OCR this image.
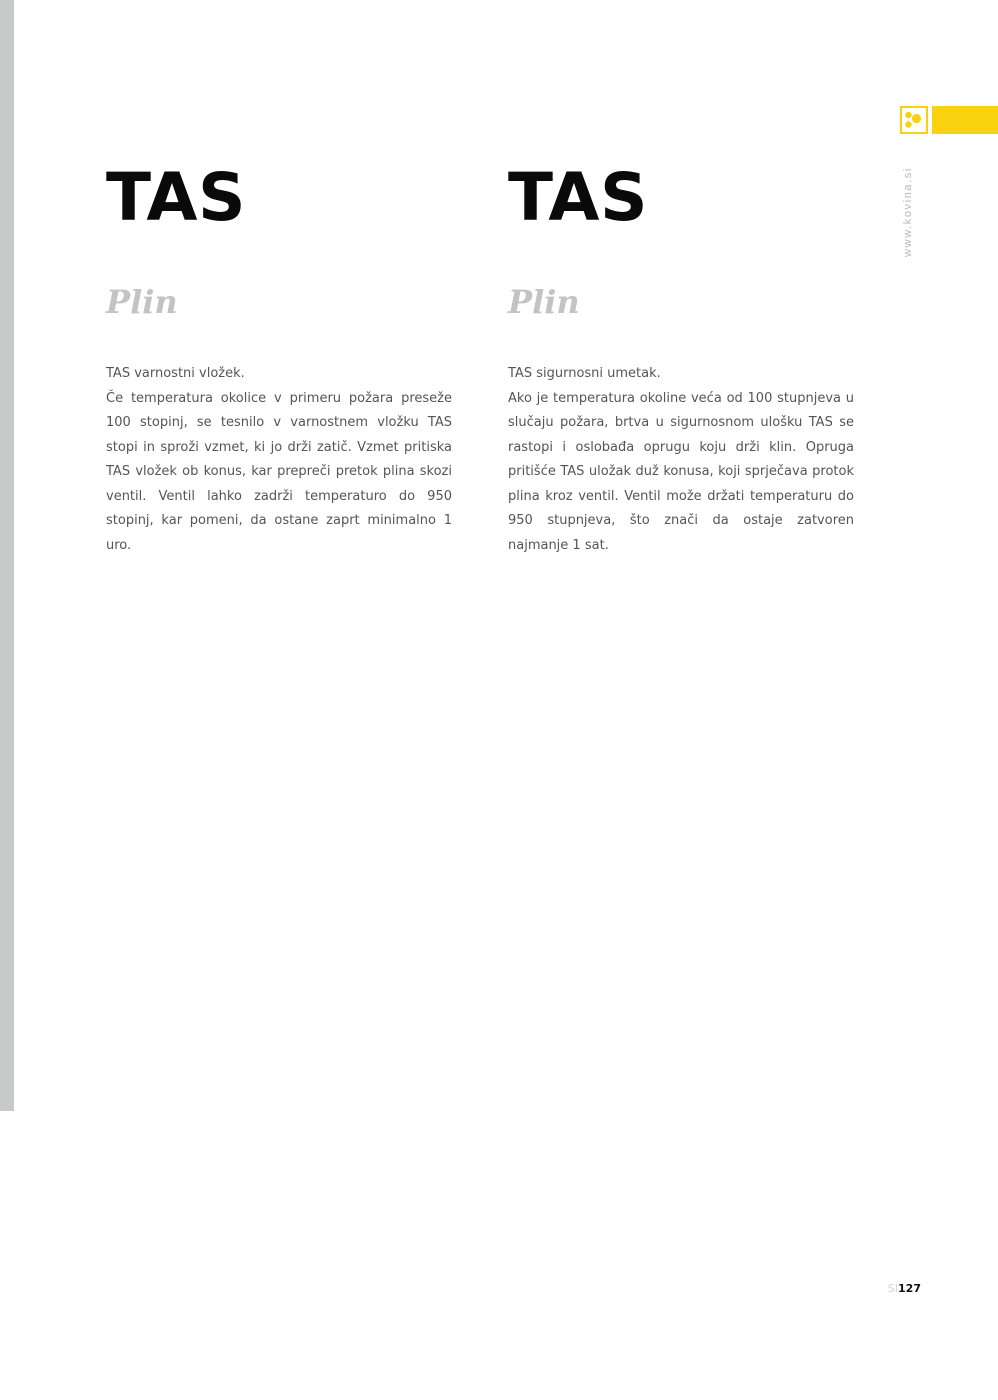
www.kovina.si
TAS
Plin

TAS varnostni vložek.

Če temperatura okolice v primeru požara preseže 100 stopinj, se tesnilo v varnostnem vložku TAS stopi in sproži vzmet, ki jo drži zatič. Vzmet pritiska TAS vložek ob konus, kar prepreči pretok plina skozi ventil. Ventil lahko zadrži temperaturo do 950 stopinj, kar pomeni, da ostane zaprt minimalno 1 uro.

TAS
Plin

TAS sigurnosni umetak.

Ako je temperatura okoline veća od 100 stupnjeva u slučaju požara, brtva u sigurnosnom ulošku TAS se rastopi i oslobađa oprugu koju drži klin. Opruga pritišće TAS uložak duž konusa, koji sprječava protok plina kroz ventil. Ventil može držati temperaturu do 950 stupnjeva, što znači da ostaje zatvoren najmanje 1 sat.

SI127
